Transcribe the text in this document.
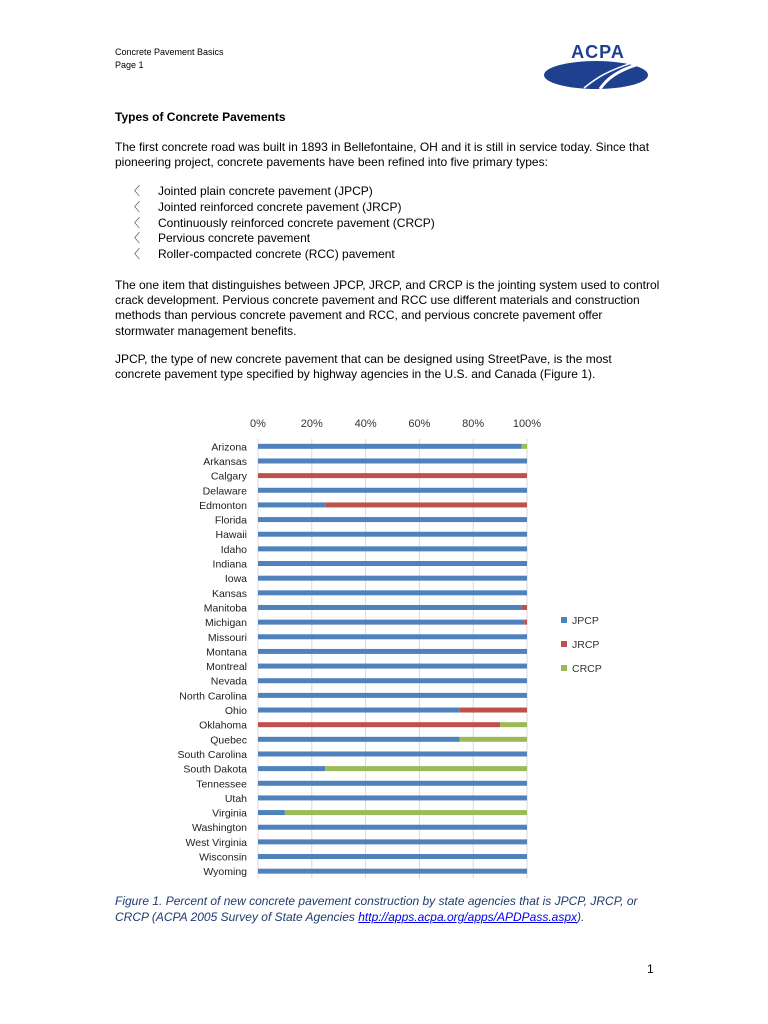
Concrete Pavement Basics
Page 1
ACPA
Types of Concrete Pavements
The first concrete road was built in 1893 in Bellefontaine, OH and it is still in service today. Since that pioneering project, concrete pavements have been refined into five primary types:
〈 Jointed plain concrete pavement (JPCP)
〈 Jointed reinforced concrete pavement (JRCP)
〈 Continuously reinforced concrete pavement (CRCP)
〈 Pervious concrete pavement
〈 Roller-compacted concrete (RCC) pavement
The one item that distinguishes between JPCP, JRCP, and CRCP is the jointing system used to control crack development. Pervious concrete pavement and RCC use different materials and construction methods than pervious concrete pavement and RCC, and pervious concrete pavement offer stormwater management benefits.
JPCP, the type of new concrete pavement that can be designed using StreetPave, is the most concrete pavement type specified by highway agencies in the U.S. and Canada (Figure 1).
0%	20%	40%	60%	80%	100%
Arizona
Arkansas
Calgary
Delaware
Edmonton
Florida
Hawaii
Idaho
Indiana
Iowa
Kansas
Manitoba
Michigan
Missouri
Montana
Montreal
Nevada
North Carolina
Ohio
Oklahoma
Quebec
South Carolina
South Dakota
Tennessee
Utah
Virginia
Washington
West Virginia
Wisconsin
Wyoming
JPCP
JRCP
CRCP
Figure 1. Percent of new concrete pavement construction by state agencies that is JPCP, JRCP, or CRCP (ACPA 2005 Survey of State Agencies http://apps.acpa.org/apps/APDPass.aspx).
1
